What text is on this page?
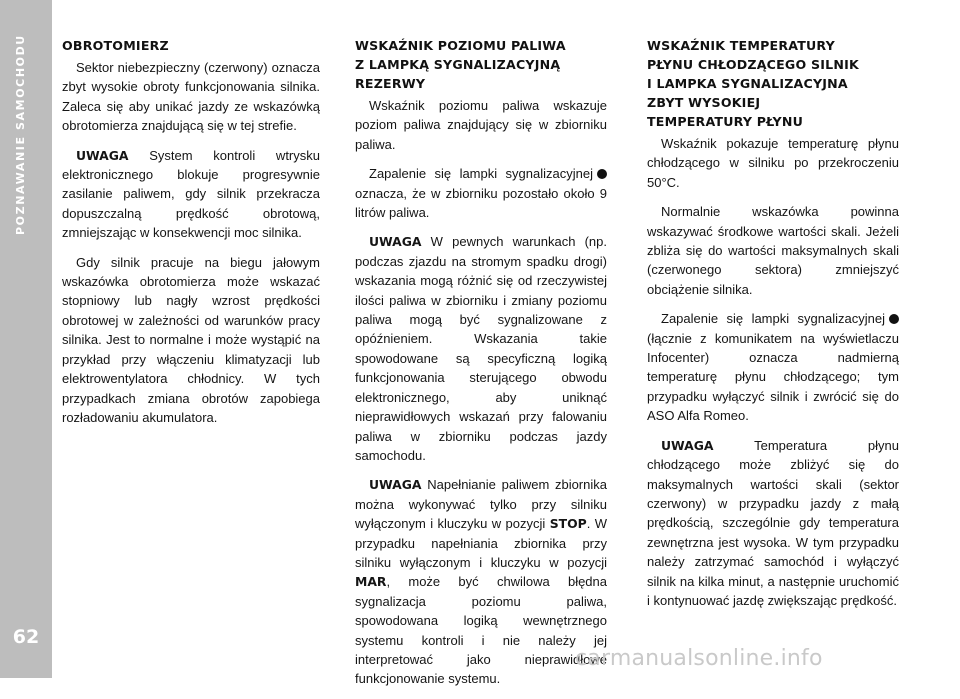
POZNAWANIE SAMOCHODU
62
OBROTOMIERZ

Sektor niebezpieczny (czerwony) oznacza zbyt wysokie obroty funkcjonowania silnika. Zaleca się aby unikać jazdy ze wskazówką obrotomierza znajdującą się w tej strefie.

UWAGA System kontroli wtrysku elektronicznego blokuje progresywnie zasilanie paliwem, gdy silnik przekracza dopuszczalną prędkość obrotową, zmniejszając w konsekwencji moc silnika.

Gdy silnik pracuje na biegu jałowym wskazówka obrotomierza może wskazać stopniowy lub nagły wzrost prędkości obrotowej w zależności od warunków pracy silnika. Jest to normalne i może wystąpić na przykład przy włączeniu klimatyzacji lub elektrowentylatora chłodnicy. W tych przypadkach zmiana obrotów zapobiega rozładowaniu akumulatora.

WSKAŹNIK POZIOMU PALIWA
Z LAMPKĄ SYGNALIZACYJNĄ
REZERWY

Wskaźnik poziomu paliwa wskazuje poziom paliwa znajdujący się w zbiorniku paliwa.

Zapalenie się lampki sygnalizacyjnej oznacza, że w zbiorniku pozostało około 9 litrów paliwa.

UWAGA W pewnych warunkach (np. podczas zjazdu na stromym spadku drogi) wskazania mogą różnić się od rzeczywistej ilości paliwa w zbiorniku i zmiany poziomu paliwa mogą być sygnalizowane z opóźnieniem. Wskazania takie spowodowane są specyficzną logiką funkcjonowania sterującego obwodu elektronicznego, aby uniknąć nieprawidłowych wskazań przy falowaniu paliwa w zbiorniku podczas jazdy samochodu.

UWAGA Napełnianie paliwem zbiornika można wykonywać tylko przy silniku wyłączonym i kluczyku w pozycji STOP. W przypadku napełniania zbiornika przy silniku wyłączonym i kluczyku w pozycji MAR, może być chwilowa błędna sygnalizacja poziomu paliwa, spowodowana logiką wewnętrznego systemu kontroli i nie należy jej interpretować jako nieprawidłowe funkcjonowanie systemu.

WSKAŹNIK TEMPERATURY
PŁYNU CHŁODZĄCEGO SILNIK
I LAMPKA SYGNALIZACYJNA
ZBYT WYSOKIEJ
TEMPERATURY PŁYNU

Wskaźnik pokazuje temperaturę płynu chłodzącego w silniku po przekroczeniu 50°C.

Normalnie wskazówka powinna wskazywać środkowe wartości skali. Jeżeli zbliża się do wartości maksymalnych skali (czerwonego sektora) zmniejszyć obciążenie silnika.

Zapalenie się lampki sygnalizacyjnej (łącznie z komunikatem na wyświetlaczu Infocenter) oznacza nadmierną temperaturę płynu chłodzącego; tym przypadku wyłączyć silnik i zwrócić się do ASO Alfa Romeo.

UWAGA Temperatura płynu chłodzącego może zbliżyć się do maksymalnych wartości skali (sektor czerwony) w przypadku jazdy z małą prędkością, szczególnie gdy temperatura zewnętrzna jest wysoka. W tym przypadku należy zatrzymać samochód i wyłączyć silnik na kilka minut, a następnie uruchomić i kontynuować jazdę zwiększając prędkość.

carmanualsonline.info
